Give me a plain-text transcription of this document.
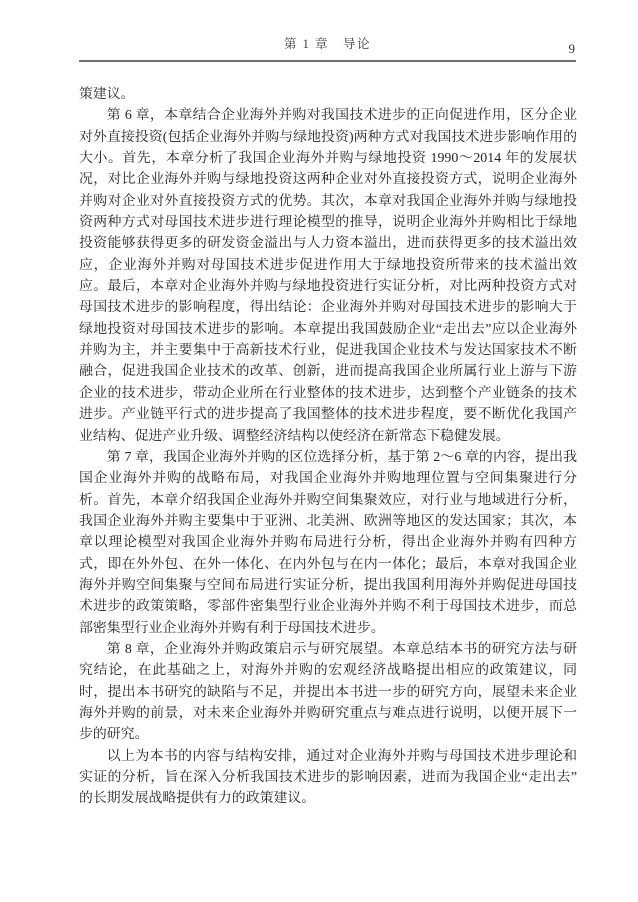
第 1 章　导论	9

策建议。

第 6 章，本章结合企业海外并购对我国技术进步的正向促进作用，区分企业对外直接投资(包括企业海外并购与绿地投资)两种方式对我国技术进步影响作用的大小。首先，本章分析了我国企业海外并购与绿地投资 1990～2014 年的发展状况，对比企业海外并购与绿地投资这两种企业对外直接投资方式，说明企业海外并购对企业对外直接投资方式的优势。其次，本章对我国企业海外并购与绿地投资两种方式对母国技术进步进行理论模型的推导，说明企业海外并购相比于绿地投资能够获得更多的研发资金溢出与人力资本溢出，进而获得更多的技术溢出效应，企业海外并购对母国技术进步促进作用大于绿地投资所带来的技术溢出效应。最后，本章对企业海外并购与绿地投资进行实证分析，对比两种投资方式对母国技术进步的影响程度，得出结论：企业海外并购对母国技术进步的影响大于绿地投资对母国技术进步的影响。本章提出我国鼓励企业“走出去”应以企业海外并购为主，并主要集中于高新技术行业，促进我国企业技术与发达国家技术不断融合，促进我国企业技术的改革、创新，进而提高我国企业所属行业上游与下游企业的技术进步，带动企业所在行业整体的技术进步，达到整个产业链条的技术进步。产业链平行式的进步提高了我国整体的技术进步程度，要不断优化我国产业结构、促进产业升级、调整经济结构以使经济在新常态下稳健发展。

第 7 章，我国企业海外并购的区位选择分析，基于第 2～6 章的内容，提出我国企业海外并购的战略布局，对我国企业海外并购地理位置与空间集聚进行分析。首先，本章介绍我国企业海外并购空间集聚效应，对行业与地域进行分析，我国企业海外并购主要集中于亚洲、北美洲、欧洲等地区的发达国家；其次，本章以理论模型对我国企业海外并购布局进行分析，得出企业海外并购有四种方式，即在外外包、在外一体化、在内外包与在内一体化；最后，本章对我国企业海外并购空间集聚与空间布局进行实证分析，提出我国利用海外并购促进母国技术进步的政策策略，零部件密集型行业企业海外并购不利于母国技术进步，而总部密集型行业企业海外并购有利于母国技术进步。

第 8 章，企业海外并购政策启示与研究展望。本章总结本书的研究方法与研究结论，在此基础之上，对海外并购的宏观经济战略提出相应的政策建议，同时，提出本书研究的缺陷与不足，并提出本书进一步的研究方向，展望未来企业海外并购的前景，对未来企业海外并购研究重点与难点进行说明，以便开展下一步的研究。

以上为本书的内容与结构安排，通过对企业海外并购与母国技术进步理论和实证的分析，旨在深入分析我国技术进步的影响因素，进而为我国企业“走出去”的长期发展战略提供有力的政策建议。
